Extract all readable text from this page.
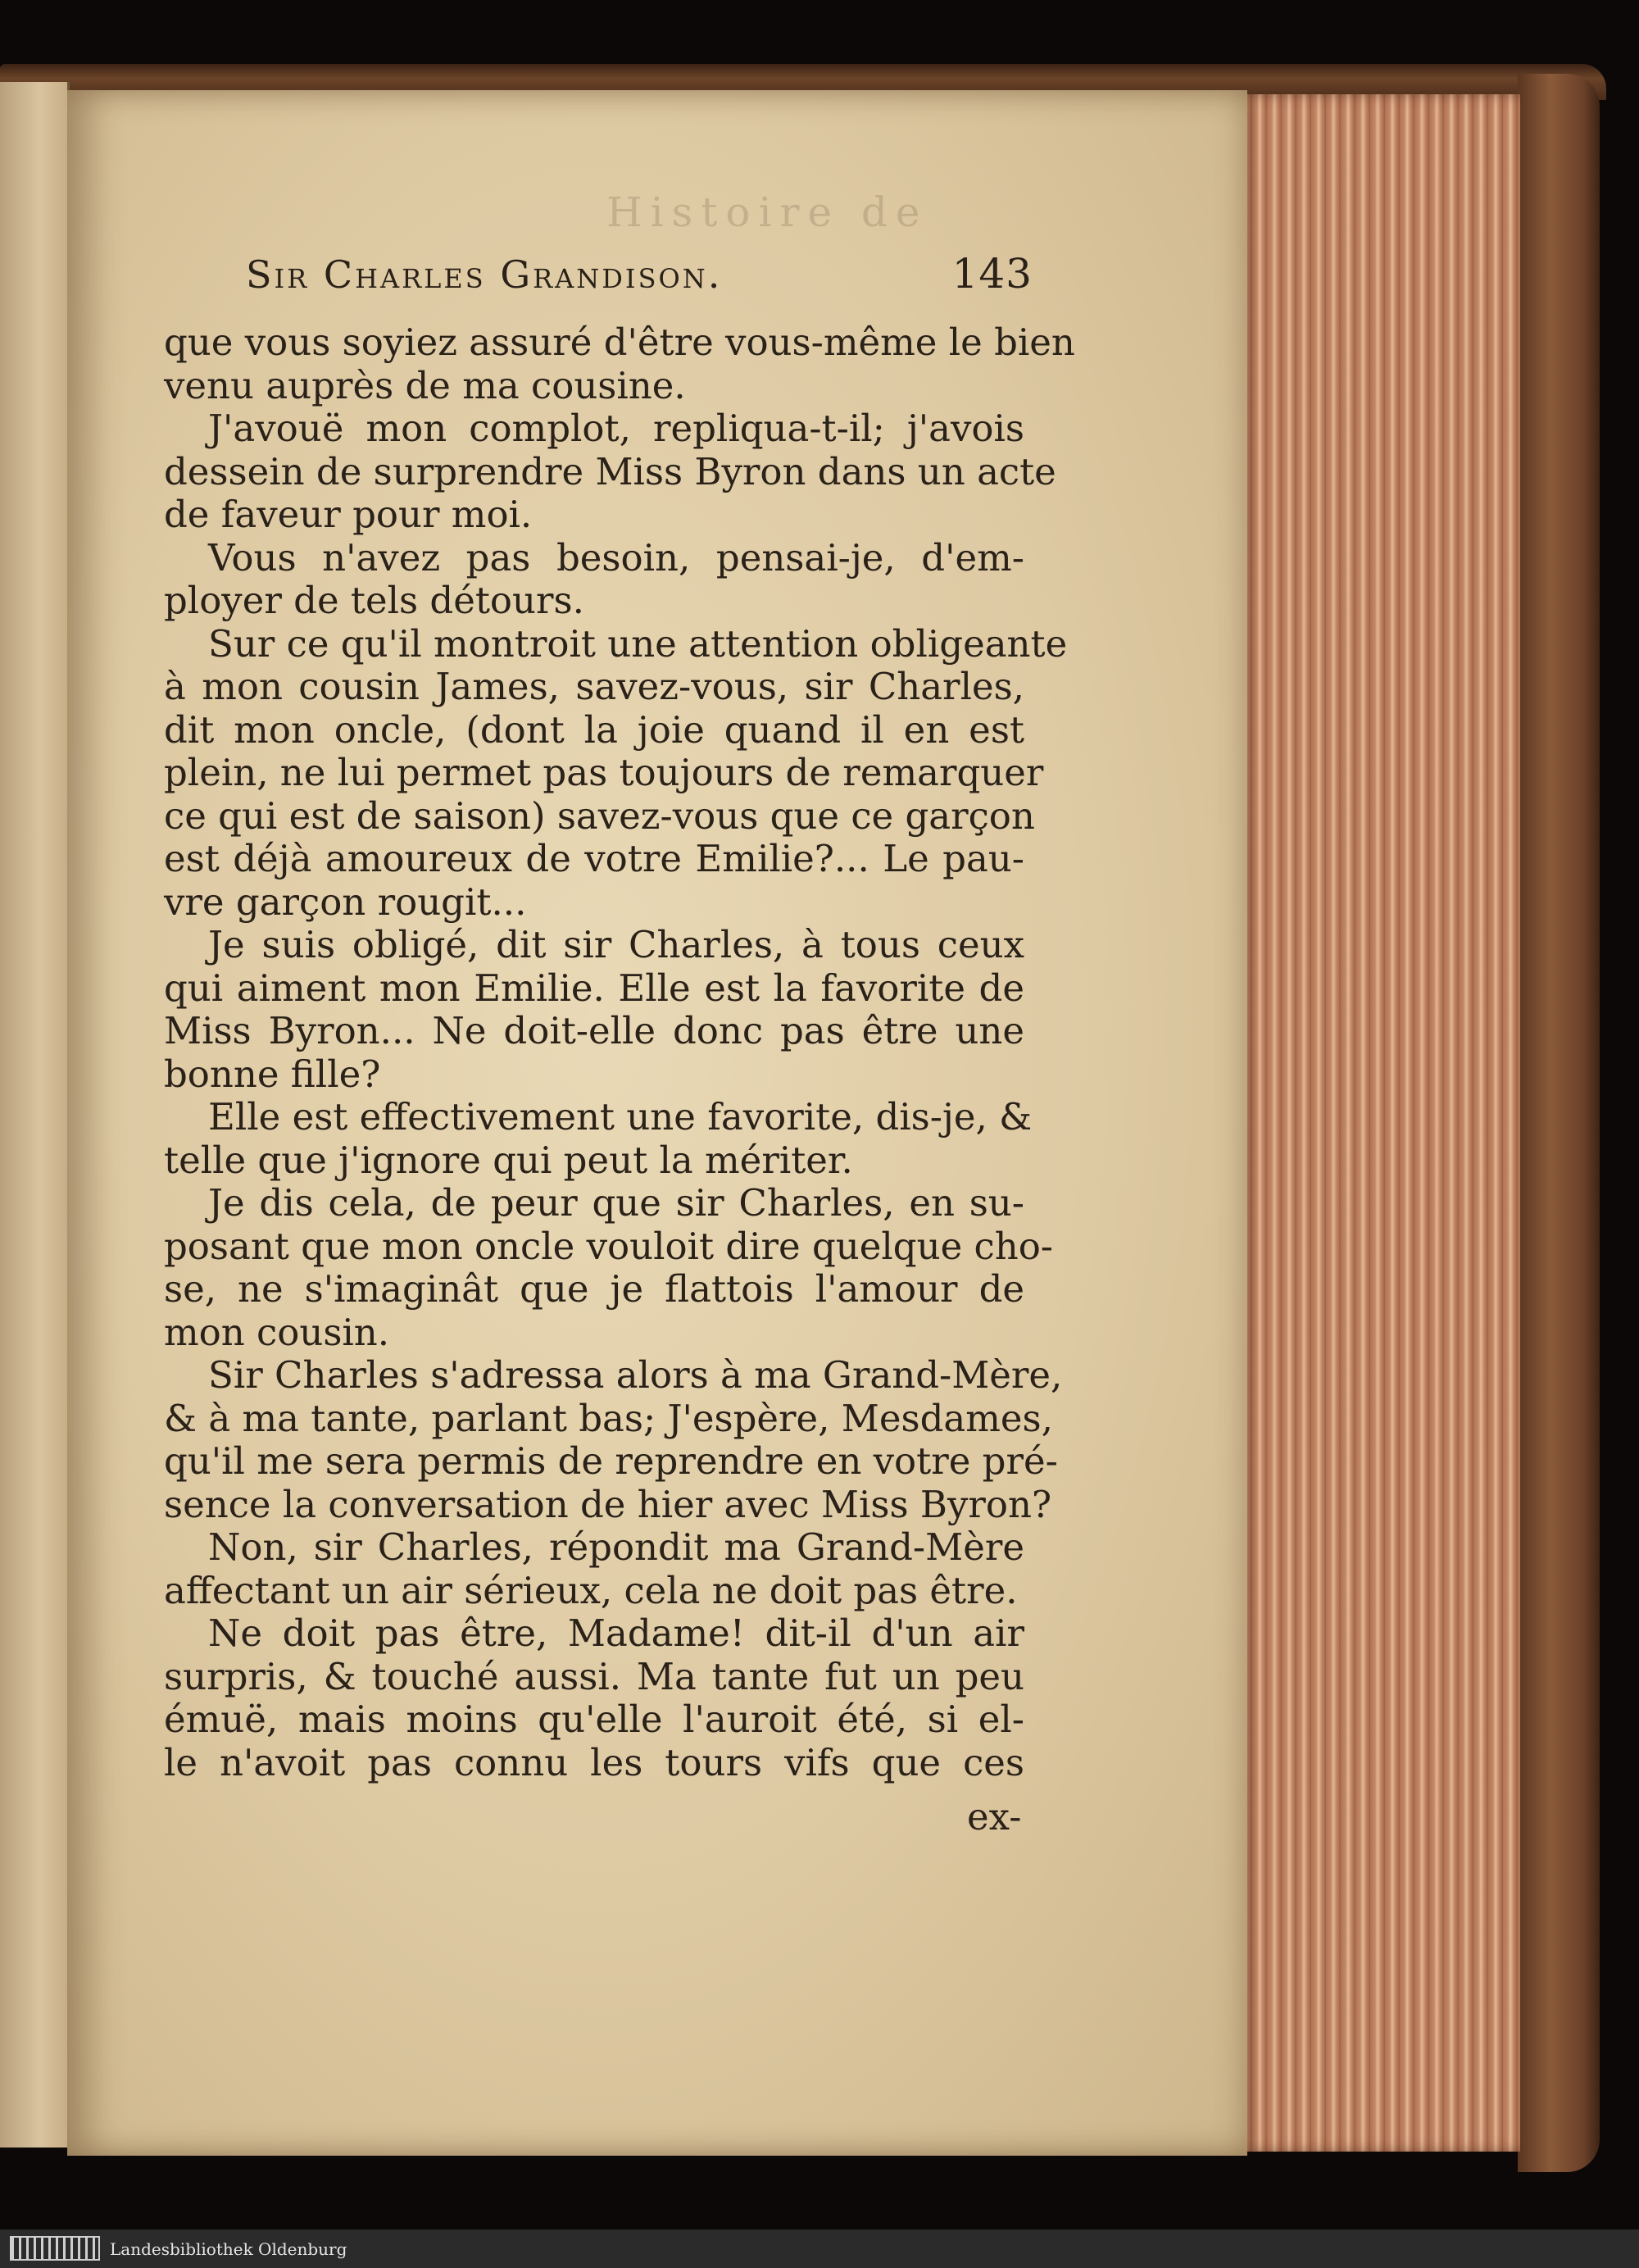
Histoire de
Sir Charles Grandison.	143
que vous soyiez assuré d'être vous-même le bien
venu auprès de ma cousine.
J'avouë mon complot, repliqua-t-il; j'avois
dessein de surprendre Miss Byron dans un acte
de faveur pour moi.
Vous n'avez pas besoin, pensai-je, d'em-
ployer de tels détours.
Sur ce qu'il montroit une attention obligeante
à mon cousin James, savez-vous, sir Charles,
dit mon oncle, (dont la joie quand il en est
plein, ne lui permet pas toujours de remarquer
ce qui est de saison) savez-vous que ce garçon
est déjà amoureux de votre Emilie?... Le pau-
vre garçon rougit...
Je suis obligé, dit sir Charles, à tous ceux
qui aiment mon Emilie. Elle est la favorite de
Miss Byron... Ne doit-elle donc pas être une
bonne fille?
Elle est effectivement une favorite, dis-je, &
telle que j'ignore qui peut la mériter.
Je dis cela, de peur que sir Charles, en su-
posant que mon oncle vouloit dire quelque cho-
se, ne s'imaginât que je flattois l'amour de
mon cousin.
Sir Charles s'adressa alors à ma Grand-Mère,
& à ma tante, parlant bas; J'espère, Mesdames,
qu'il me sera permis de reprendre en votre pré-
sence la conversation de hier avec Miss Byron?
Non, sir Charles, répondit ma Grand-Mère
affectant un air sérieux, cela ne doit pas être.
Ne doit pas être, Madame! dit-il d'un air
surpris, & touché aussi. Ma tante fut un peu
émuë, mais moins qu'elle l'auroit été, si el-
le n'avoit pas connu les tours vifs que ces
ex-
Landesbibliothek Oldenburg
